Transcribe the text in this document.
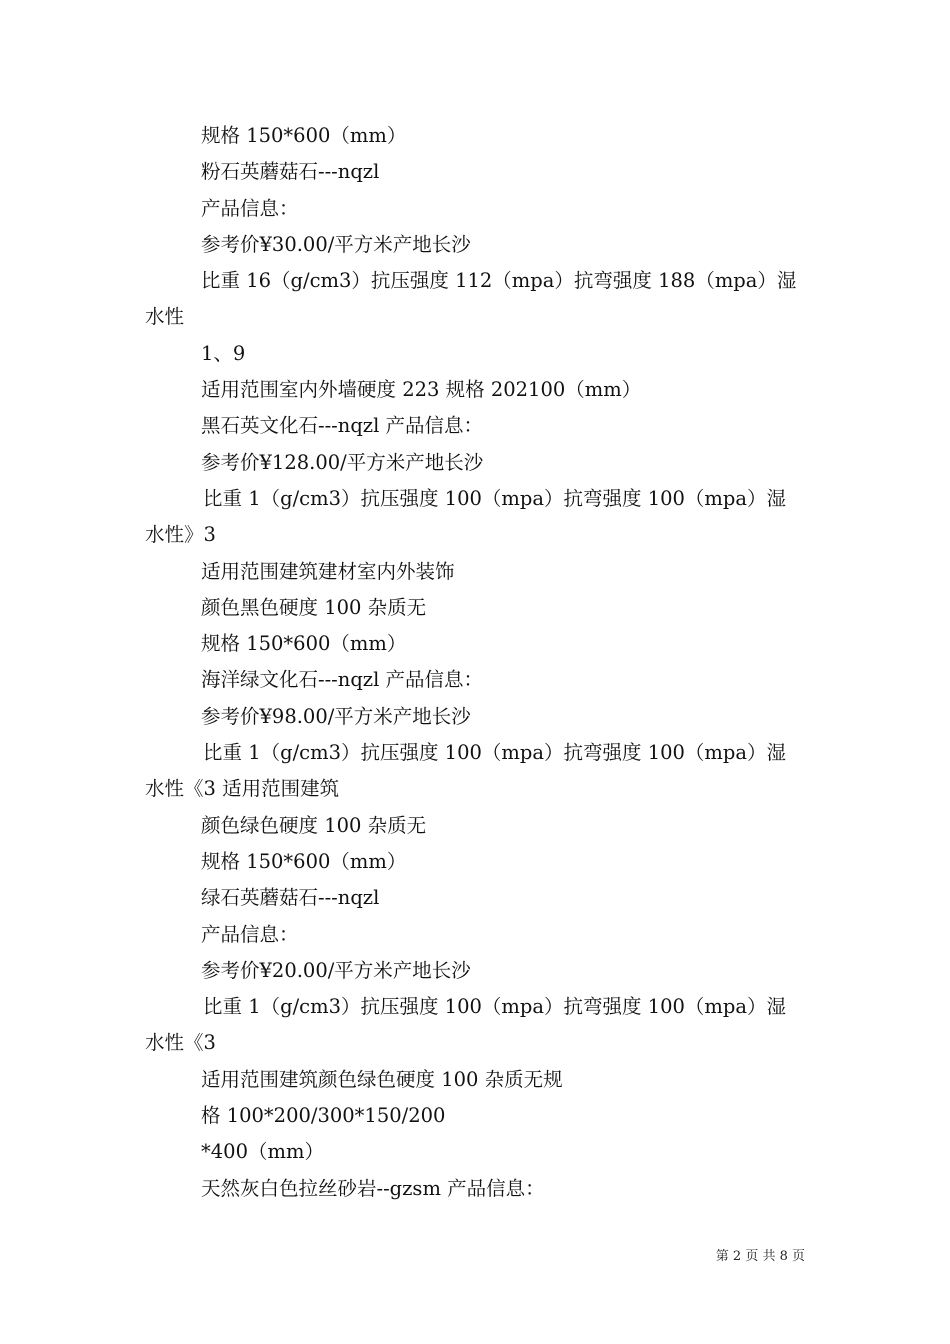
规格 150*600（mm）
粉石英蘑菇石---nqzl
产品信息：
参考价¥30.00/平方米产地长沙
比重 16（g/cm3）抗压强度 112（mpa）抗弯强度 188（mpa）湿
水性
1、9
适用范围室内外墙硬度 223 规格 202100（mm）
黑石英文化石---nqzl 产品信息：
参考价¥128.00/平方米产地长沙
比重 1（g/cm3）抗压强度 100（mpa）抗弯强度 100（mpa）湿
水性》3
适用范围建筑建材室内外装饰
颜色黑色硬度 100 杂质无
规格 150*600（mm）
海洋绿文化石---nqzl 产品信息：
参考价¥98.00/平方米产地长沙
比重 1（g/cm3）抗压强度 100（mpa）抗弯强度 100（mpa）湿
水性《3 适用范围建筑
颜色绿色硬度 100 杂质无
规格 150*600（mm）
绿石英蘑菇石---nqzl
产品信息：
参考价¥20.00/平方米产地长沙
比重 1（g/cm3）抗压强度 100（mpa）抗弯强度 100（mpa）湿
水性《3
适用范围建筑颜色绿色硬度 100 杂质无规
格 100*200/300*150/200
*400（mm）
天然灰白色拉丝砂岩--gzsm 产品信息：
第 2 页 共 8 页
